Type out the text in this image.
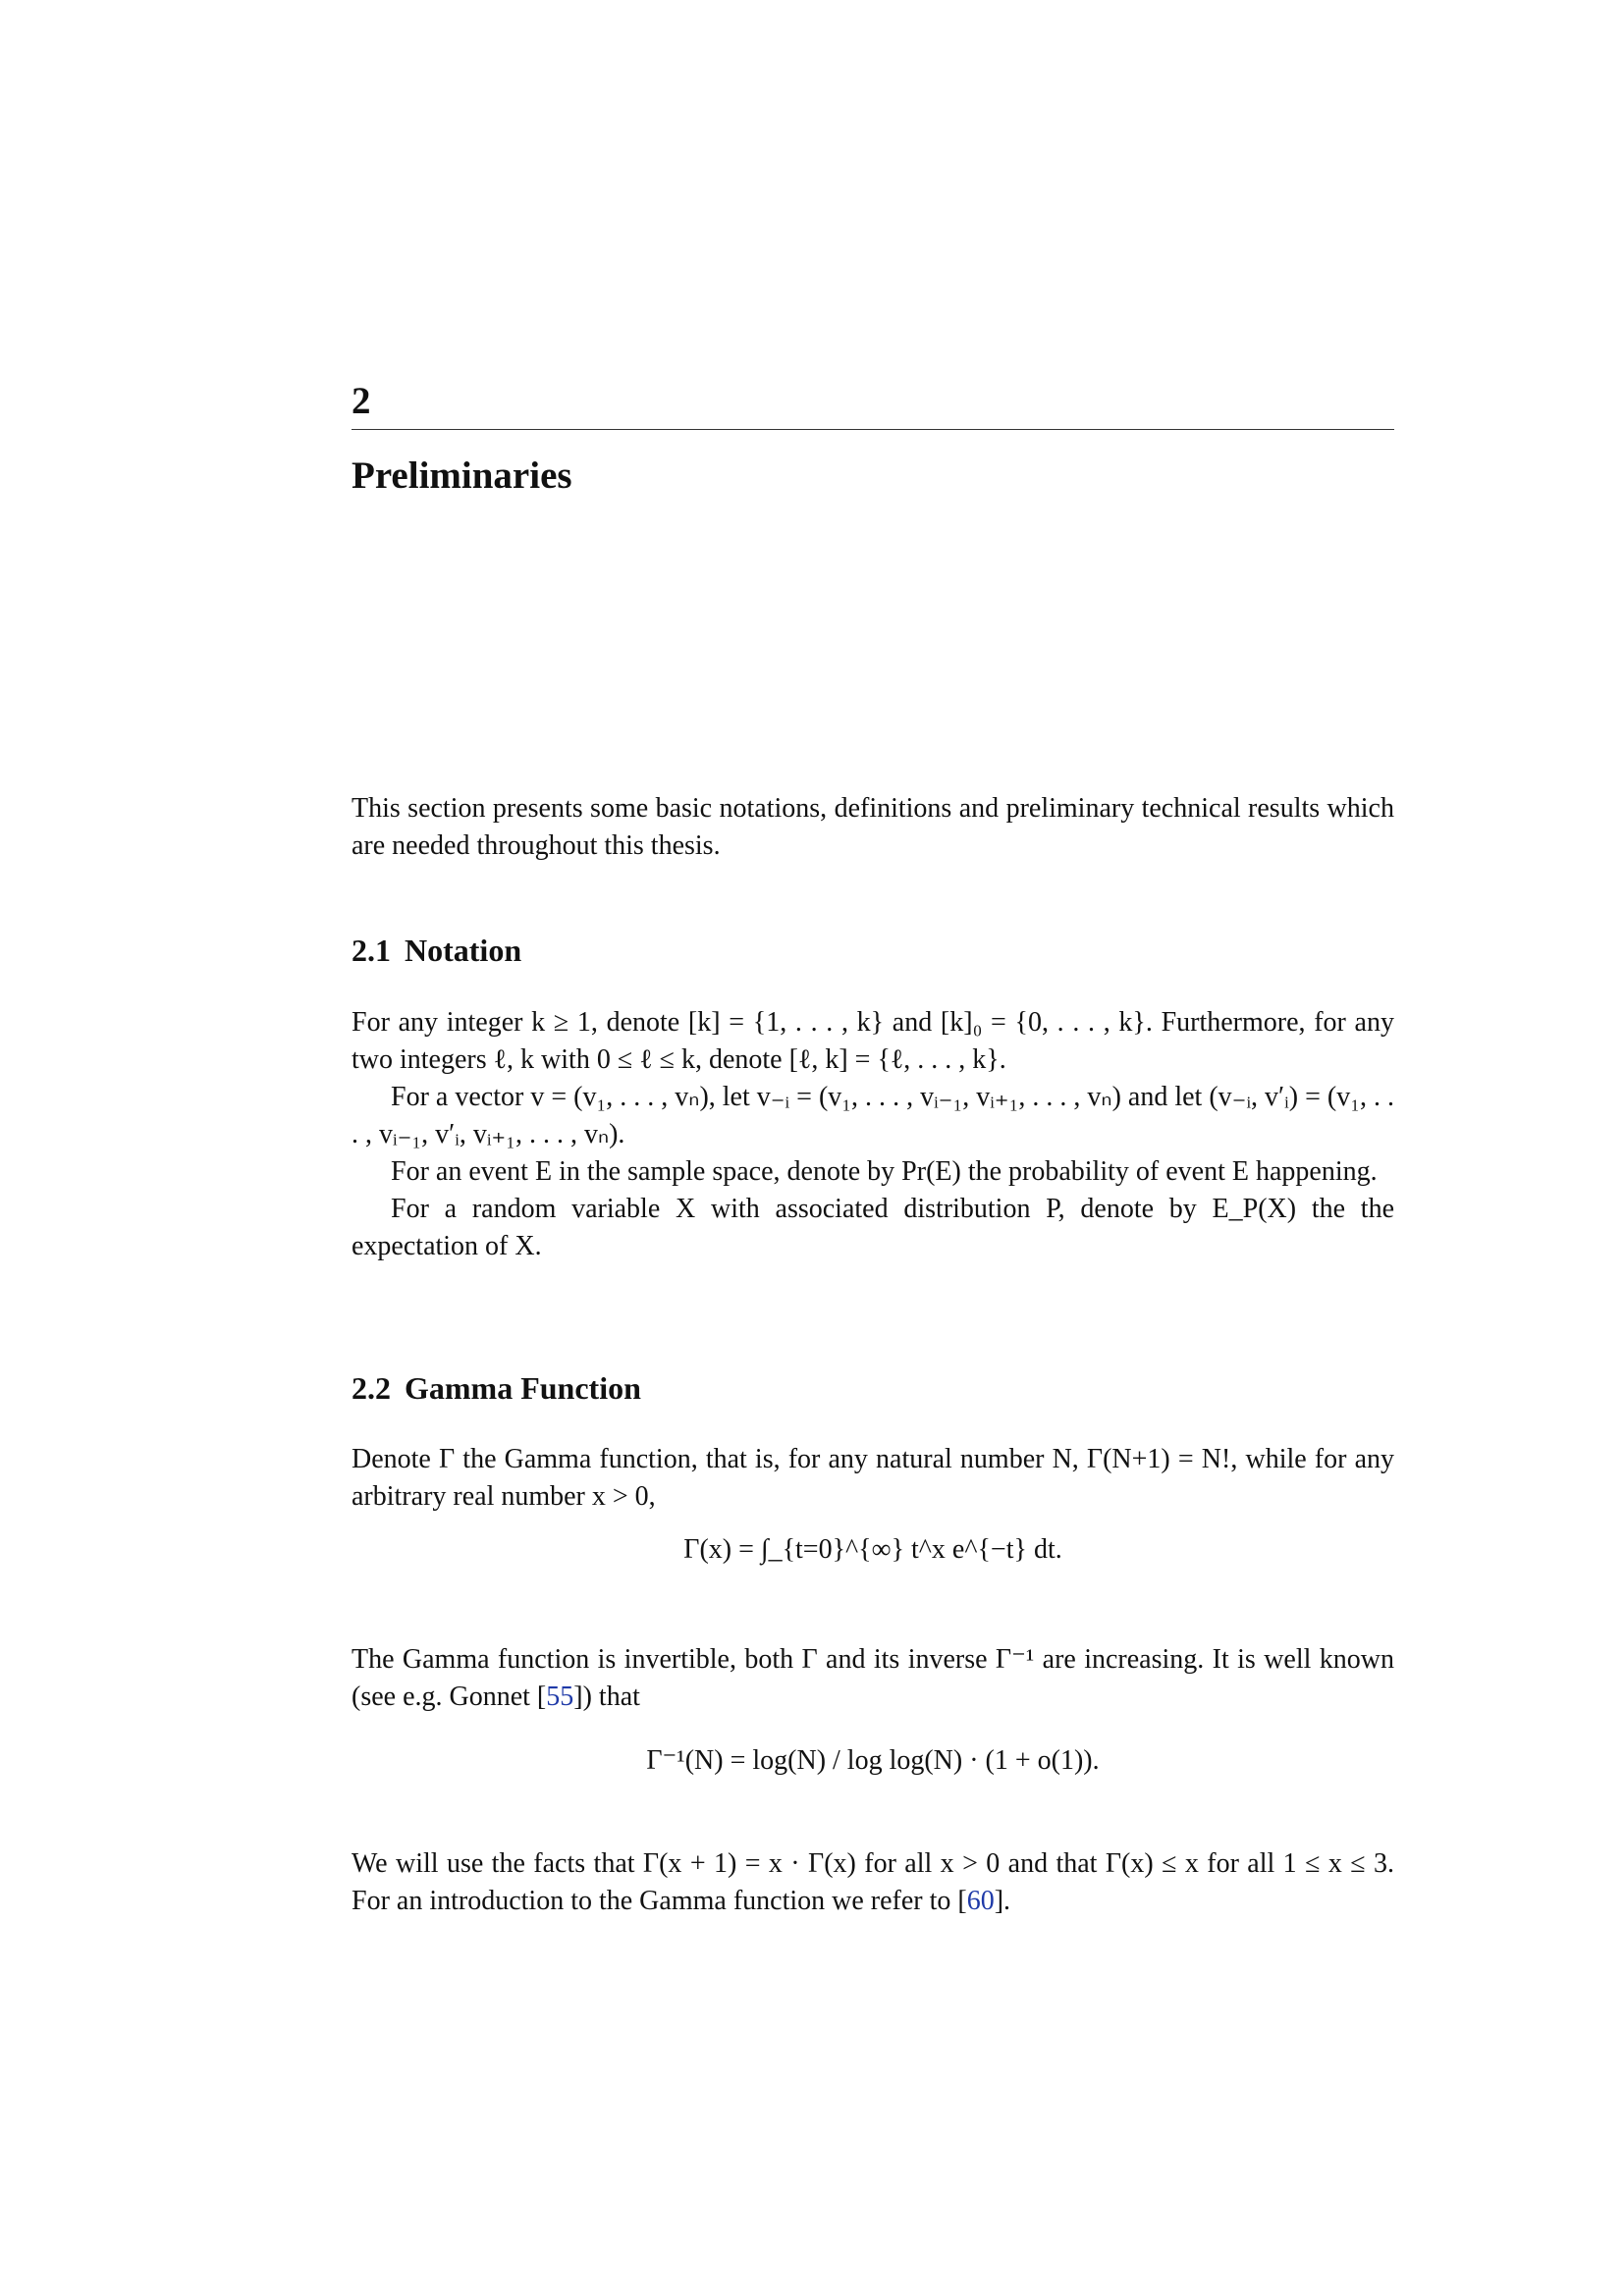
2
Preliminaries

This section presents some basic notations, definitions and preliminary technical results which are needed throughout this thesis.

2.1 Notation

For any integer k ≥ 1, denote [k] = {1, . . . , k} and [k]₀ = {0, . . . , k}. Furthermore, for any two integers ℓ, k with 0 ≤ ℓ ≤ k, denote [ℓ, k] = {ℓ, . . . , k}.

For a vector v = (v₁, . . . , vₙ), let v₋ᵢ = (v₁, . . . , vᵢ₋₁, vᵢ₊₁, . . . , vₙ) and let (v₋ᵢ, v′ᵢ) = (v₁, . . . , vᵢ₋₁, v′ᵢ, vᵢ₊₁, . . . , vₙ).

For an event E in the sample space, denote by Pr(E) the probability of event E happening.

For a random variable X with associated distribution P, denote by E_P(X) the the expectation of X.

2.2 Gamma Function

Denote Γ the Gamma function, that is, for any natural number N, Γ(N+1) = N!, while for any arbitrary real number x > 0,

Γ(x) = ∫_{t=0}^{∞} t^x e^{−t} dt.

The Gamma function is invertible, both Γ and its inverse Γ⁻¹ are increasing. It is well known (see e.g. Gonnet [55]) that

Γ⁻¹(N) = log(N) / log log(N) · (1 + o(1)).

We will use the facts that Γ(x + 1) = x · Γ(x) for all x > 0 and that Γ(x) ≤ x for all 1 ≤ x ≤ 3. For an introduction to the Gamma function we refer to [60].
